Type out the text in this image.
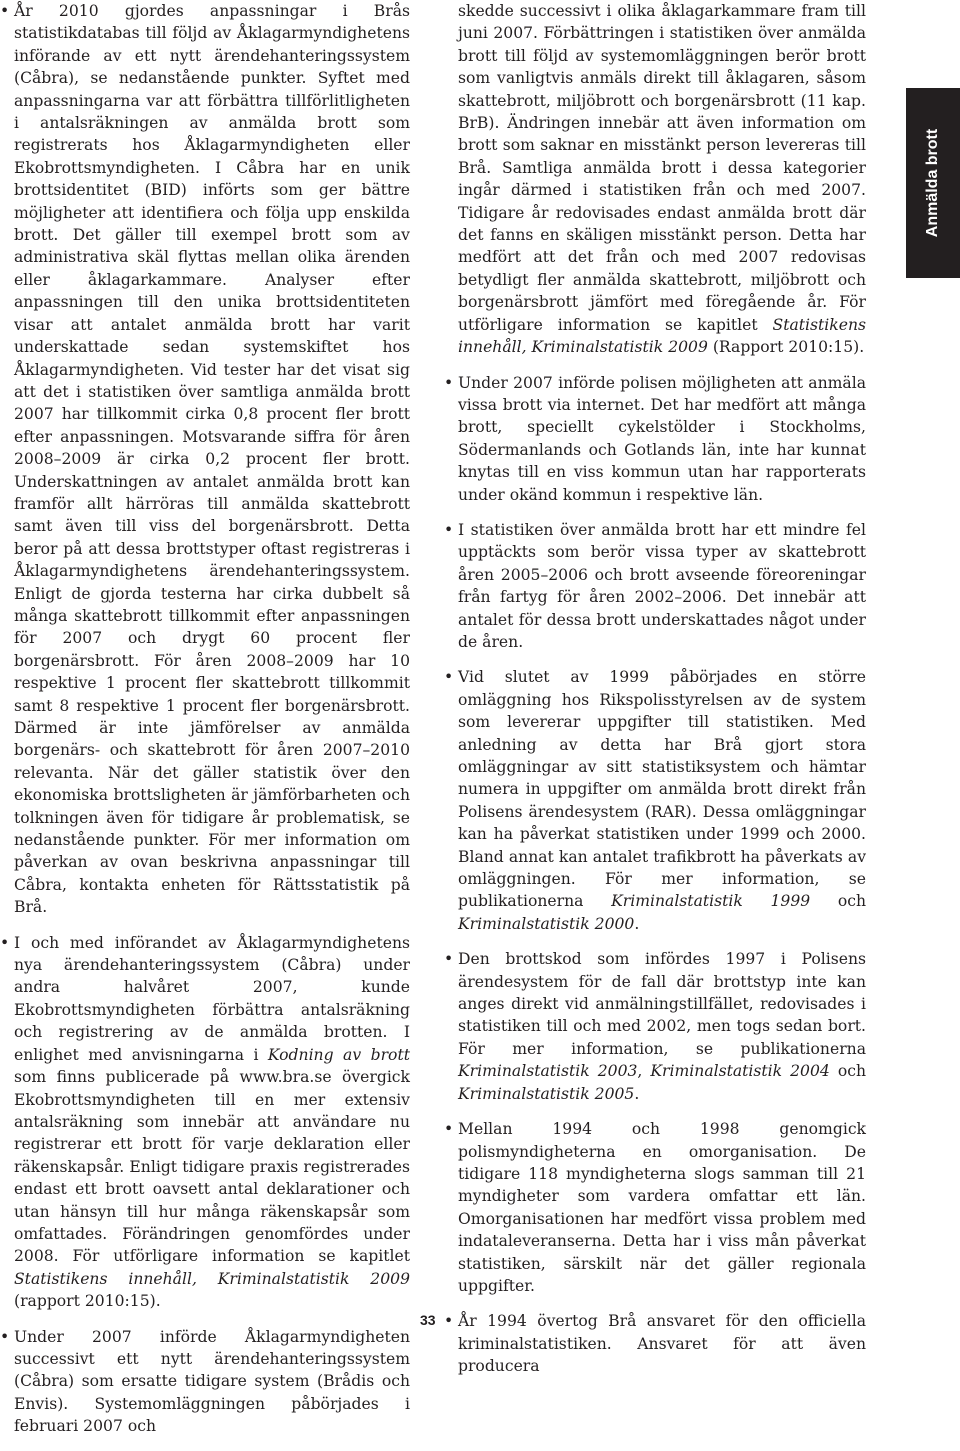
• År 2010 gjordes anpassningar i Brås statistikdatabas till följd av Åklagarmyndighetens införande av ett nytt ärendehanteringssystem (Cåbra), se nedanstående punkter. Syftet med anpassningarna var att förbättra tillförlitligheten i antalsräkningen av anmälda brott som registrerats hos Åklagarmyndigheten eller Ekobrottsmyndigheten. I Cåbra har en unik brottsidentitet (BID) införts som ger bättre möjligheter att identifiera och följa upp enskilda brott. Det gäller till exempel brott som av administrativa skäl flyttas mellan olika ärenden eller åklagarkammare. Analyser efter anpassningen till den unika brottsidentiteten visar att antalet anmälda brott har varit underskattade sedan systemskiftet hos Åklagarmyndigheten. Vid tester har det visat sig att det i statistiken över samtliga anmälda brott 2007 har tillkommit cirka 0,8 procent fler brott efter anpassningen. Motsvarande siffra för åren 2008–2009 är cirka 0,2 procent fler brott. Underskattningen av antalet anmälda brott kan framför allt härröras till anmälda skattebrott samt även till viss del borgenärsbrott. Detta beror på att dessa brottstyper oftast registreras i Åklagarmyndighetens ärendehanteringssystem. Enligt de gjorda testerna har cirka dubbelt så många skattebrott tillkommit efter anpassningen för 2007 och drygt 60 procent fler borgenärsbrott. För åren 2008–2009 har 10 respektive 1 procent fler skattebrott tillkommit samt 8 respektive 1 procent fler borgenärsbrott. Därmed är inte jämförelser av anmälda borgenärs- och skattebrott för åren 2007–2010 relevanta. När det gäller statistik över den ekonomiska brottsligheten är jämförbarheten och tolkningen även för tidigare år problematisk, se nedanstående punkter. För mer information om påverkan av ovan beskrivna anpassningar till Cåbra, kontakta enheten för Rättsstatistik på Brå.
• I och med införandet av Åklagarmyndighetens nya ärendehanteringssystem (Cåbra) under andra halvåret 2007, kunde Ekobrottsmyndigheten förbättra antalsräkning och registrering av de anmälda brotten. I enlighet med anvisningarna i Kodning av brott som finns publicerade på www.bra.se övergick Ekobrottsmyndigheten till en mer extensiv antalsräkning som innebär att användare nu registrerar ett brott för varje deklaration eller räkenskapsår. Enligt tidigare praxis registrerades endast ett brott oavsett antal deklarationer och utan hänsyn till hur många räkenskapsår som omfattades. Förändringen genomfördes under 2008. För utförligare information se kapitlet Statistikens innehåll, Kriminalstatistik 2009 (rapport 2010:15).
• Under 2007 införde Åklagarmyndigheten successivt ett nytt ärendehanteringssystem (Cåbra) som ersatte tidigare system (Brådis och Envis). Systemomläggningen påbörjades i februari 2007 och
skedde successivt i olika åklagarkammare fram till juni 2007. Förbättringen i statistiken över anmälda brott till följd av systemomläggningen berör brott som vanligtvis anmäls direkt till åklagaren, såsom skattebrott, miljöbrott och borgenärsbrott (11 kap. BrB). Ändringen innebär att även information om brott som saknar en misstänkt person levereras till Brå. Samtliga anmälda brott i dessa kategorier ingår därmed i statistiken från och med 2007. Tidigare år redovisades endast anmälda brott där det fanns en skäligen misstänkt person. Detta har medfört att det från och med 2007 redovisas betydligt fler anmälda skattebrott, miljöbrott och borgenärsbrott jämfört med föregående år. För utförligare information se kapitlet Statistikens innehåll, Kriminalstatistik 2009 (Rapport 2010:15).
• Under 2007 införde polisen möjligheten att anmäla vissa brott via internet. Det har medfört att många brott, speciellt cykelstölder i Stockholms, Södermanlands och Gotlands län, inte har kunnat knytas till en viss kommun utan har rapporterats under okänd kommun i respektive län.
• I statistiken över anmälda brott har ett mindre fel upptäckts som berör vissa typer av skattebrott åren 2005–2006 och brott avseende föreoreningar från fartyg för åren 2002–2006. Det innebär att antalet för dessa brott underskattades något under de åren.
• Vid slutet av 1999 påbörjades en större omläggning hos Rikspolisstyrelsen av de system som levererar uppgifter till statistiken. Med anledning av detta har Brå gjort stora omläggningar av sitt statistiksystem och hämtar numera in uppgifter om anmälda brott direkt från Polisens ärendesystem (RAR). Dessa omläggningar kan ha påverkat statistiken under 1999 och 2000. Bland annat kan antalet trafikbrott ha påverkats av omläggningen. För mer information, se publikationerna Kriminalstatistik 1999 och Kriminalstatistik 2000.
• Den brottskod som infördes 1997 i Polisens ärendesystem för de fall där brottstyp inte kan anges direkt vid anmälningstillfället, redovisades i statistiken till och med 2002, men togs sedan bort. För mer information, se publikationerna Kriminalstatistik 2003, Kriminalstatistik 2004 och Kriminalstatistik 2005.
• Mellan 1994 och 1998 genomgick polismyndigheterna en omorganisation. De tidigare 118 myndigheterna slogs samman till 21 myndigheter som vardera omfattar ett län. Omorganisationen har medfört vissa problem med indataleveranserna. Detta har i viss mån påverkat statistiken, särskilt när det gäller regionala uppgifter.
• År 1994 övertog Brå ansvaret för den officiella kriminalstatistiken. Ansvaret för att även producera
Anmälda brott
33
